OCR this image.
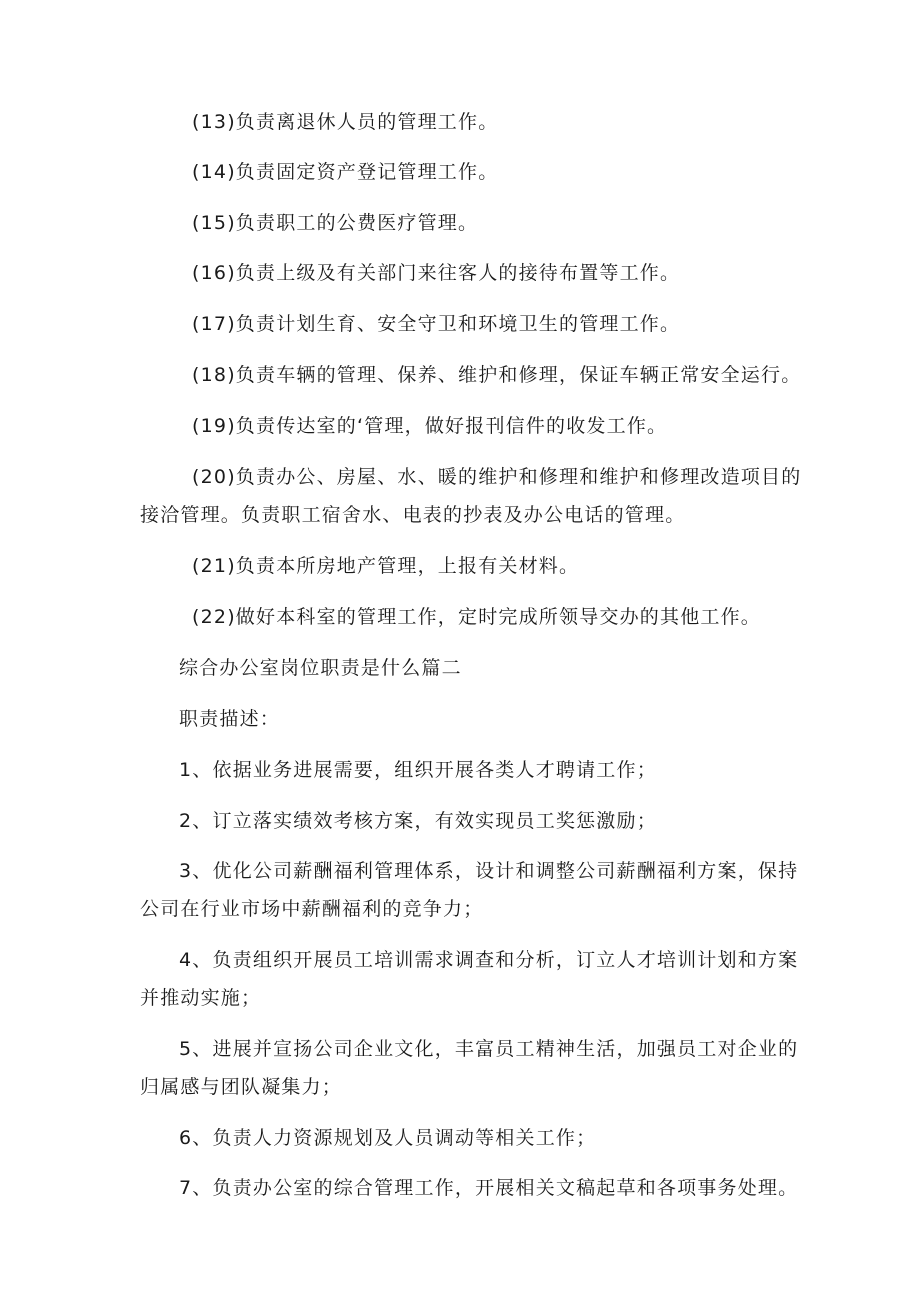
(13)负责离退休人员的管理工作。
(14)负责固定资产登记管理工作。
(15)负责职工的公费医疗管理。
(16)负责上级及有关部门来往客人的接待布置等工作。
(17)负责计划生育、安全守卫和环境卫生的管理工作。
(18)负责车辆的管理、保养、维护和修理，保证车辆正常安全运行。
(19)负责传达室的‘管理，做好报刊信件的收发工作。
(20)负责办公、房屋、水、暖的维护和修理和维护和修理改造项目的
接洽管理。负责职工宿舍水、电表的抄表及办公电话的管理。
(21)负责本所房地产管理，上报有关材料。
(22)做好本科室的管理工作，定时完成所领导交办的其他工作。
综合办公室岗位职责是什么篇二
职责描述：
1、依据业务进展需要，组织开展各类人才聘请工作；
2、订立落实绩效考核方案，有效实现员工奖惩激励；
3、优化公司薪酬福利管理体系，设计和调整公司薪酬福利方案，保持
公司在行业市场中薪酬福利的竞争力；
4、负责组织开展员工培训需求调查和分析，订立人才培训计划和方案
并推动实施；
5、进展并宣扬公司企业文化，丰富员工精神生活，加强员工对企业的
归属感与团队凝集力；
6、负责人力资源规划及人员调动等相关工作；
7、负责办公室的综合管理工作，开展相关文稿起草和各项事务处理。
